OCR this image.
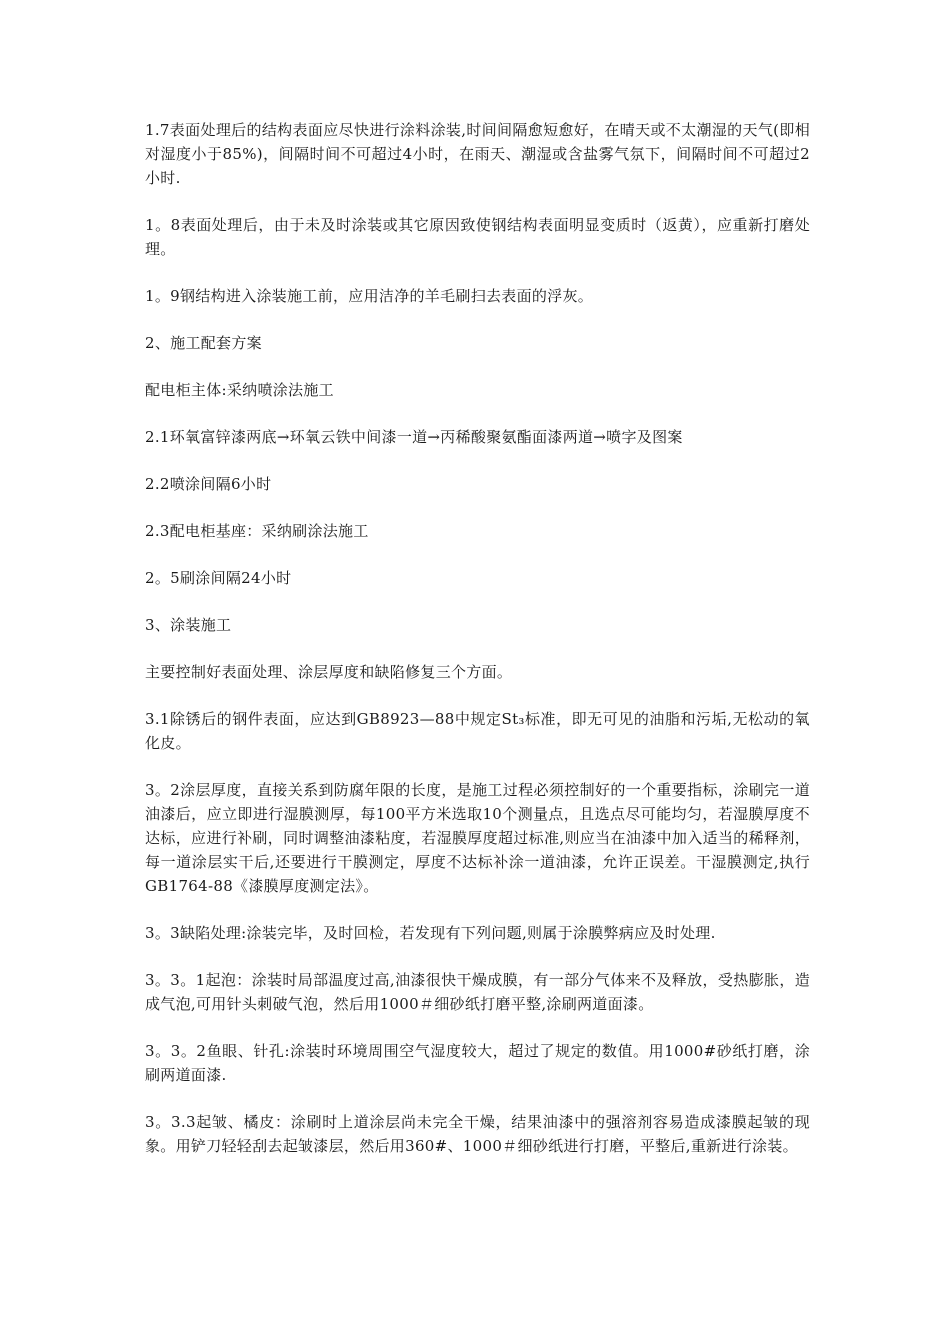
1.7表面处理后的结构表面应尽快进行涂料涂装,时间间隔愈短愈好，在晴天或不太潮湿的天气(即相对湿度小于85%)，间隔时间不可超过4小时，在雨天、潮湿或含盐雾气氛下，间隔时间不可超过2小时.

1。8表面处理后，由于未及时涂装或其它原因致使钢结构表面明显变质时（返黄），应重新打磨处理。

1。9钢结构进入涂装施工前，应用洁净的羊毛刷扫去表面的浮灰。

2、施工配套方案

配电柜主体:采纳喷涂法施工

2.1环氧富锌漆两底→环氧云铁中间漆一道→丙稀酸聚氨酯面漆两道→喷字及图案

2.2喷涂间隔6小时

2.3配电柜基座：采纳刷涂法施工

2。5刷涂间隔24小时

3、涂装施工

主要控制好表面处理、涂层厚度和缺陷修复三个方面。

3.1除锈后的钢件表面，应达到GB8923—88中规定St₃标准，即无可见的油脂和污垢,无松动的氧化皮。

3。2涂层厚度，直接关系到防腐年限的长度，是施工过程必须控制好的一个重要指标，涂刷完一道油漆后，应立即进行湿膜测厚，每100平方米选取10个测量点，且选点尽可能均匀，若湿膜厚度不达标，应进行补刷，同时调整油漆粘度，若湿膜厚度超过标准,则应当在油漆中加入适当的稀释剂，每一道涂层实干后,还要进行干膜测定，厚度不达标补涂一道油漆，允许正误差。干湿膜测定,执行GB1764-88《漆膜厚度测定法》。

3。3缺陷处理:涂装完毕，及时回检，若发现有下列问题,则属于涂膜弊病应及时处理.

3。3。1起泡：涂装时局部温度过高,油漆很快干燥成膜，有一部分气体来不及释放，受热膨胀，造成气泡,可用针头刺破气泡，然后用1000＃细砂纸打磨平整,涂刷两道面漆。

3。3。2鱼眼、针孔:涂装时环境周围空气湿度较大，超过了规定的数值。用1000#砂纸打磨，涂刷两道面漆.

3。3.3起皱、橘皮：涂刷时上道涂层尚未完全干燥，结果油漆中的强溶剂容易造成漆膜起皱的现象。用铲刀轻轻刮去起皱漆层，然后用360#、1000＃细砂纸进行打磨，平整后,重新进行涂装。
